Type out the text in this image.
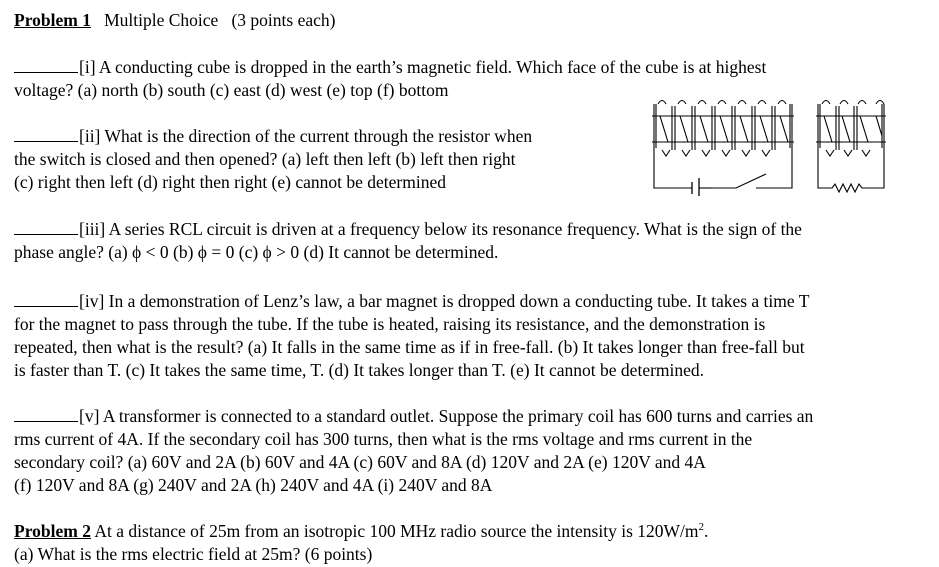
Problem 1 Multiple Choice (3 points each)
[i] A conducting cube is dropped in the earth’s magnetic field. Which face of the cube is at highest
voltage? (a) north (b) south (c) east (d) west (e) top (f) bottom
[ii] What is the direction of the current through the resistor when
the switch is closed and then opened? (a) left then left (b) left then right
(c) right then left (d) right then right (e) cannot be determined
[iii] A series RCL circuit is driven at a frequency below its resonance frequency. What is the sign of the
phase angle? (a) ϕ < 0 (b) ϕ = 0 (c) ϕ > 0 (d) It cannot be determined.
[iv] In a demonstration of Lenz’s law, a bar magnet is dropped down a conducting tube. It takes a time T
for the magnet to pass through the tube. If the tube is heated, raising its resistance, and the demonstration is
repeated, then what is the result? (a) It falls in the same time as if in free-fall. (b) It takes longer than free-fall but
is faster than T. (c) It takes the same time, T. (d) It takes longer than T. (e) It cannot be determined.
[v] A transformer is connected to a standard outlet. Suppose the primary coil has 600 turns and carries an
rms current of 4A. If the secondary coil has 300 turns, then what is the rms voltage and rms current in the
secondary coil? (a) 60V and 2A (b) 60V and 4A (c) 60V and 8A (d) 120V and 2A (e) 120V and 4A
(f) 120V and 8A (g) 240V and 2A (h) 240V and 4A (i) 240V and 8A
Problem 2 At a distance of 25m from an isotropic 100 MHz radio source the intensity is $120W/m^2$.
(a) What is the rms electric field at 25m? (6 points)
